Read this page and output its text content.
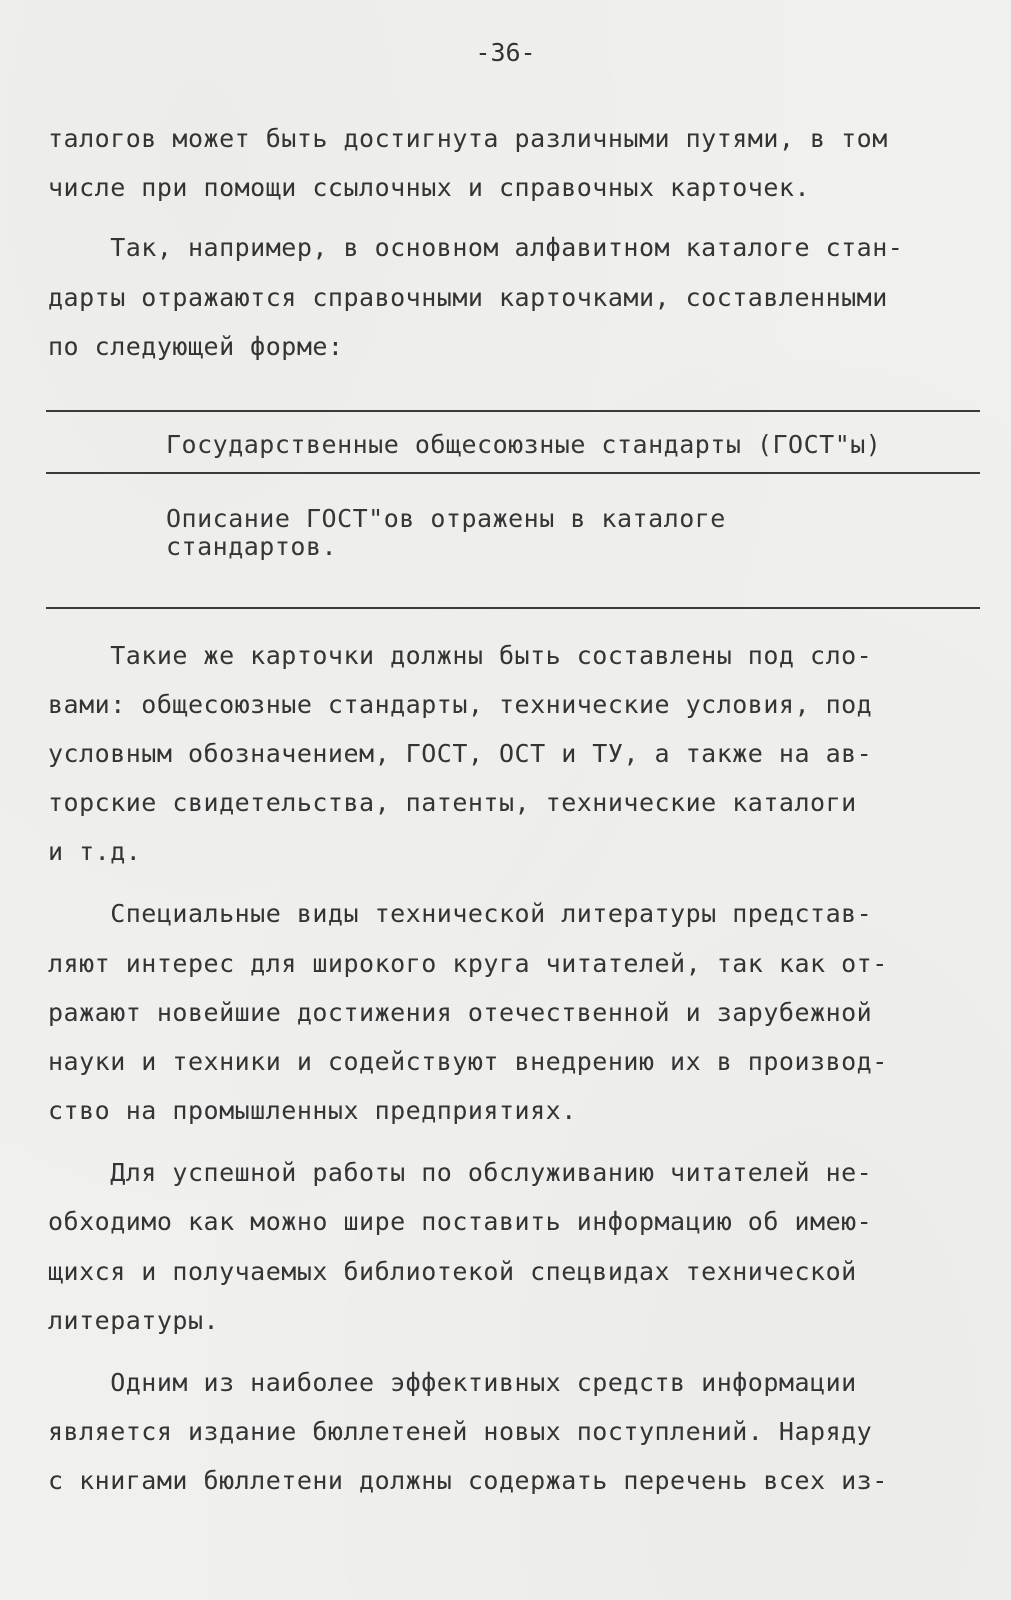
-36-
талогов может быть достигнута различными путями, в том
числе при помощи ссылочных и справочных карточек.
Так, например, в основном алфавитном каталоге стан-
дарты отражаются справочными карточками, составленными
по следующей форме:
Государственные общесоюзные стандарты (ГОСТ"ы)
Описание ГОСТ"ов отражены в каталоге
стандартов.
Такие же карточки должны быть составлены под сло-
вами: общесоюзные стандарты, технические условия, под
условным обозначением, ГОСТ, ОСТ и ТУ, а также на ав-
торские свидетельства, патенты, технические каталоги
и т.д.
Специальные виды технической литературы представ-
ляют интерес для широкого круга читателей, так как от-
ражают новейшие достижения отечественной и зарубежной
науки и техники и содействуют внедрению их в производ-
ство на промышленных предприятиях.
Для успешной работы по обслуживанию читателей не-
обходимо как можно шире поставить информацию об имею-
щихся и получаемых библиотекой спецвидах технической
литературы.
Одним из наиболее эффективных средств информации
является издание бюллетеней новых поступлений. Наряду
с книгами бюллетени должны содержать перечень всех из-
